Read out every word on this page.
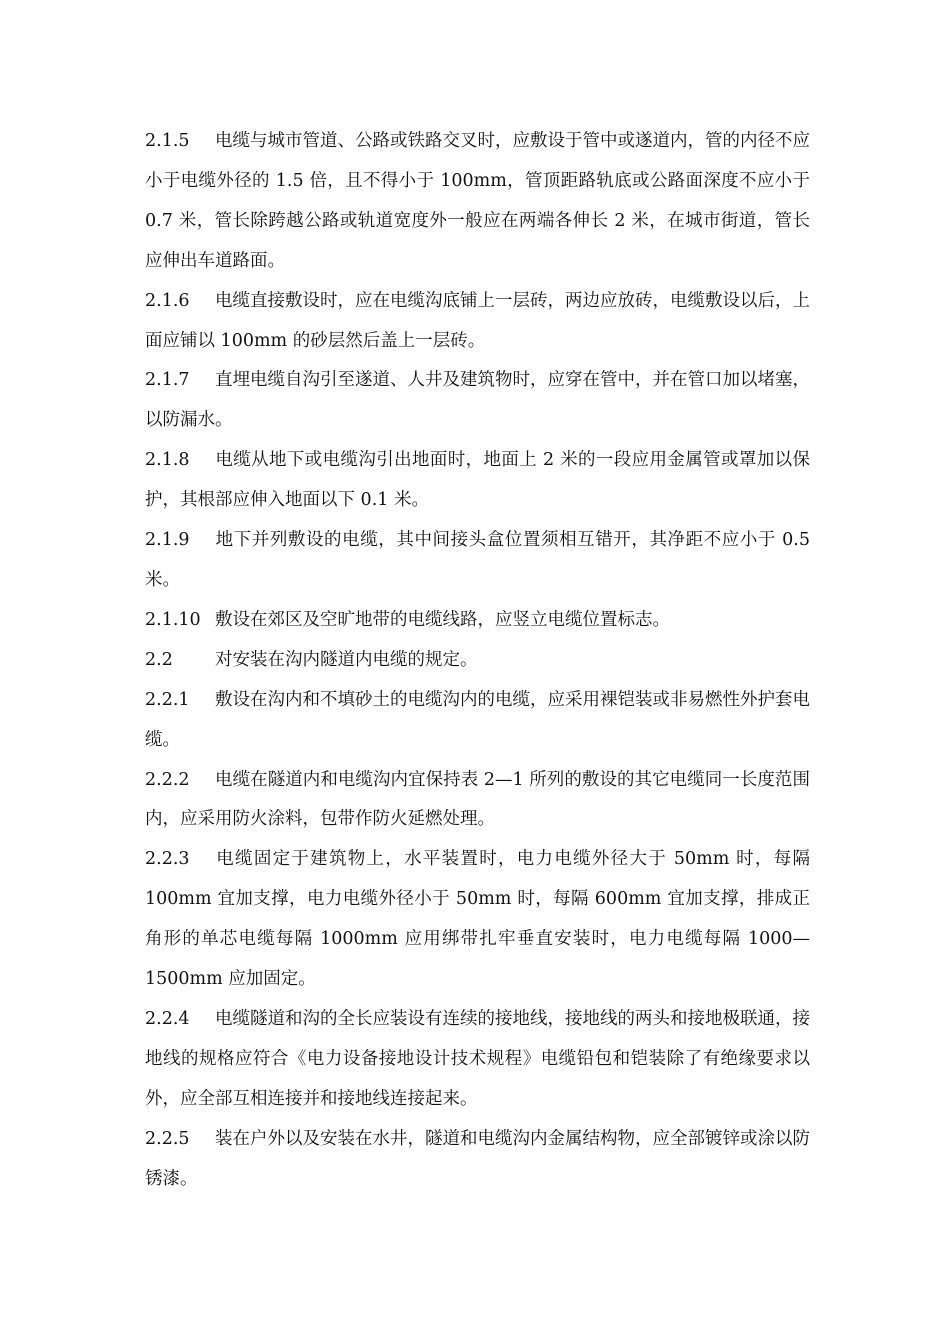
2.1.5 电缆与城市管道、公路或铁路交叉时，应敷设于管中或遂道内，管的内径不应小于电缆外径的 1.5 倍，且不得小于 100mm，管顶距路轨底或公路面深度不应小于 0.7 米，管长除跨越公路或轨道宽度外一般应在两端各伸长 2 米，在城市街道，管长应伸出车道路面。

2.1.6 电缆直接敷设时，应在电缆沟底铺上一层砖，两边应放砖，电缆敷设以后，上面应铺以 100mm 的砂层然后盖上一层砖。

2.1.7 直埋电缆自沟引至遂道、人井及建筑物时，应穿在管中，并在管口加以堵塞，以防漏水。

2.1.8 电缆从地下或电缆沟引出地面时，地面上 2 米的一段应用金属管或罩加以保护，其根部应伸入地面以下 0.1 米。

2.1.9 地下并列敷设的电缆，其中间接头盒位置须相互错开，其净距不应小于 0.5 米。

2.1.10 敷设在郊区及空旷地带的电缆线路，应竖立电缆位置标志。

2.2 对安装在沟内隧道内电缆的规定。

2.2.1 敷设在沟内和不填砂土的电缆沟内的电缆，应采用裸铠装或非易燃性外护套电缆。

2.2.2 电缆在隧道内和电缆沟内宜保持表 2—1 所列的敷设的其它电缆同一长度范围内，应采用防火涂料，包带作防火延燃处理。

2.2.3 电缆固定于建筑物上，水平装置时，电力电缆外径大于 50mm 时，每隔 100mm 宜加支撑，电力电缆外径小于 50mm 时，每隔 600mm 宜加支撑，排成正角形的单芯电缆每隔 1000mm 应用绑带扎牢垂直安装时，电力电缆每隔 1000—1500mm 应加固定。

2.2.4 电缆隧道和沟的全长应装设有连续的接地线，接地线的两头和接地极联通，接地线的规格应符合《电力设备接地设计技术规程》电缆铅包和铠装除了有绝缘要求以外，应全部互相连接并和接地线连接起来。

2.2.5 装在户外以及安装在水井，隧道和电缆沟内金属结构物，应全部镀锌或涂以防锈漆。
